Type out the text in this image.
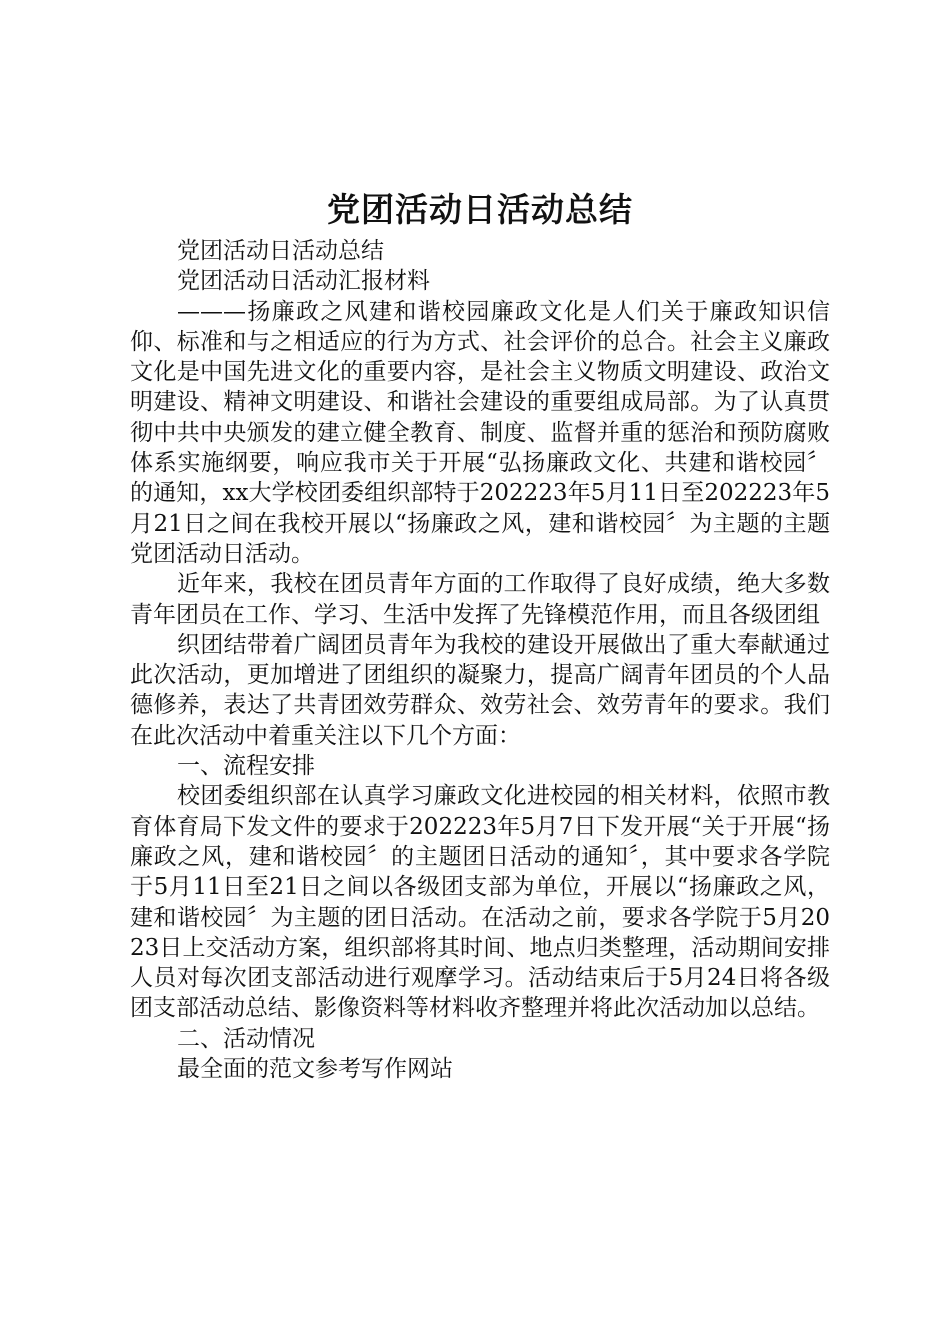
党团活动日活动总结

党团活动日活动总结

党团活动日活动汇报材料

———扬廉政之风建和谐校园廉政文化是人们关于廉政知识信仰、标准和与之相适应的行为方式、社会评价的总合。社会主义廉政文化是中国先进文化的重要内容，是社会主义物质文明建设、政治文明建设、精神文明建设、和谐社会建设的重要组成局部。为了认真贯彻中共中央颁发的建立健全教育、制度、监督并重的惩治和预防腐败体系实施纲要，响应我市关于开展“弘扬廉政文化、共建和谐校园〞的通知，xx大学校团委组织部特于202223年5月11日至202223年5月21日之间在我校开展以“扬廉政之风，建和谐校园〞为主题的主题党团活动日活动。

近年来，我校在团员青年方面的工作取得了良好成绩，绝大多数青年团员在工作、学习、生活中发挥了先锋模范作用，而且各级团组

织团结带着广阔团员青年为我校的建设开展做出了重大奉献通过此次活动，更加增进了团组织的凝聚力，提高广阔青年团员的个人品德修养，表达了共青团效劳群众、效劳社会、效劳青年的要求。我们在此次活动中着重关注以下几个方面：

一、流程安排

校团委组织部在认真学习廉政文化进校园的相关材料，依照市教育体育局下发文件的要求于202223年5月7日下发开展“关于开展“扬廉政之风，建和谐校园〞的主题团日活动的通知〞，其中要求各学院于5月11日至21日之间以各级团支部为单位，开展以“扬廉政之风，建和谐校园〞为主题的团日活动。在活动之前，要求各学院于5月2023日上交活动方案，组织部将其时间、地点归类整理，活动期间安排人员对每次团支部活动进行观摩学习。活动结束后于5月24日将各级团支部活动总结、影像资料等材料收齐整理并将此次活动加以总结。

二、活动情况

最全面的范文参考写作网站
